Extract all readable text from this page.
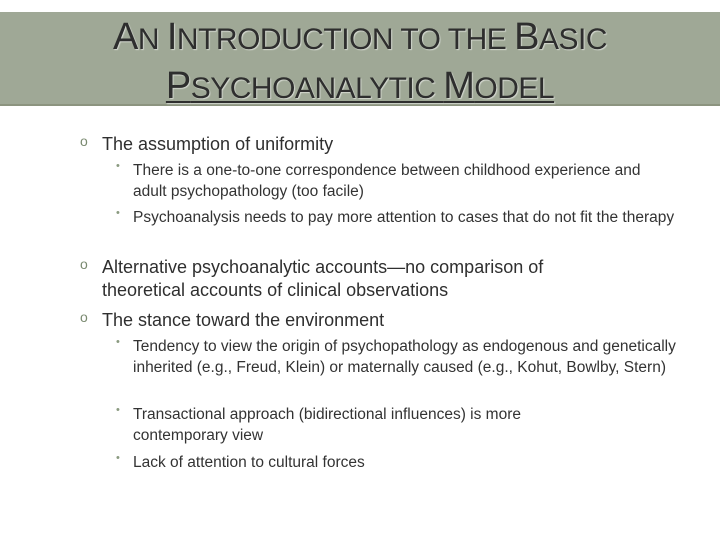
AN INTRODUCTION TO THE BASIC
PSYCHOANALYTIC MODEL
o The assumption of uniformity
• There is a one-to-one correspondence between childhood experience and adult psychopathology (too facile)
• Psychoanalysis needs to pay more attention to cases that do not fit the therapy
o Alternative psychoanalytic accounts—no comparison of theoretical accounts of clinical observations
o The stance toward the environment
• Tendency to view the origin of psychopathology as endogenous and genetically inherited (e.g., Freud, Klein) or maternally caused (e.g., Kohut, Bowlby, Stern)
• Transactional approach (bidirectional influences) is more contemporary view
• Lack of attention to cultural forces
